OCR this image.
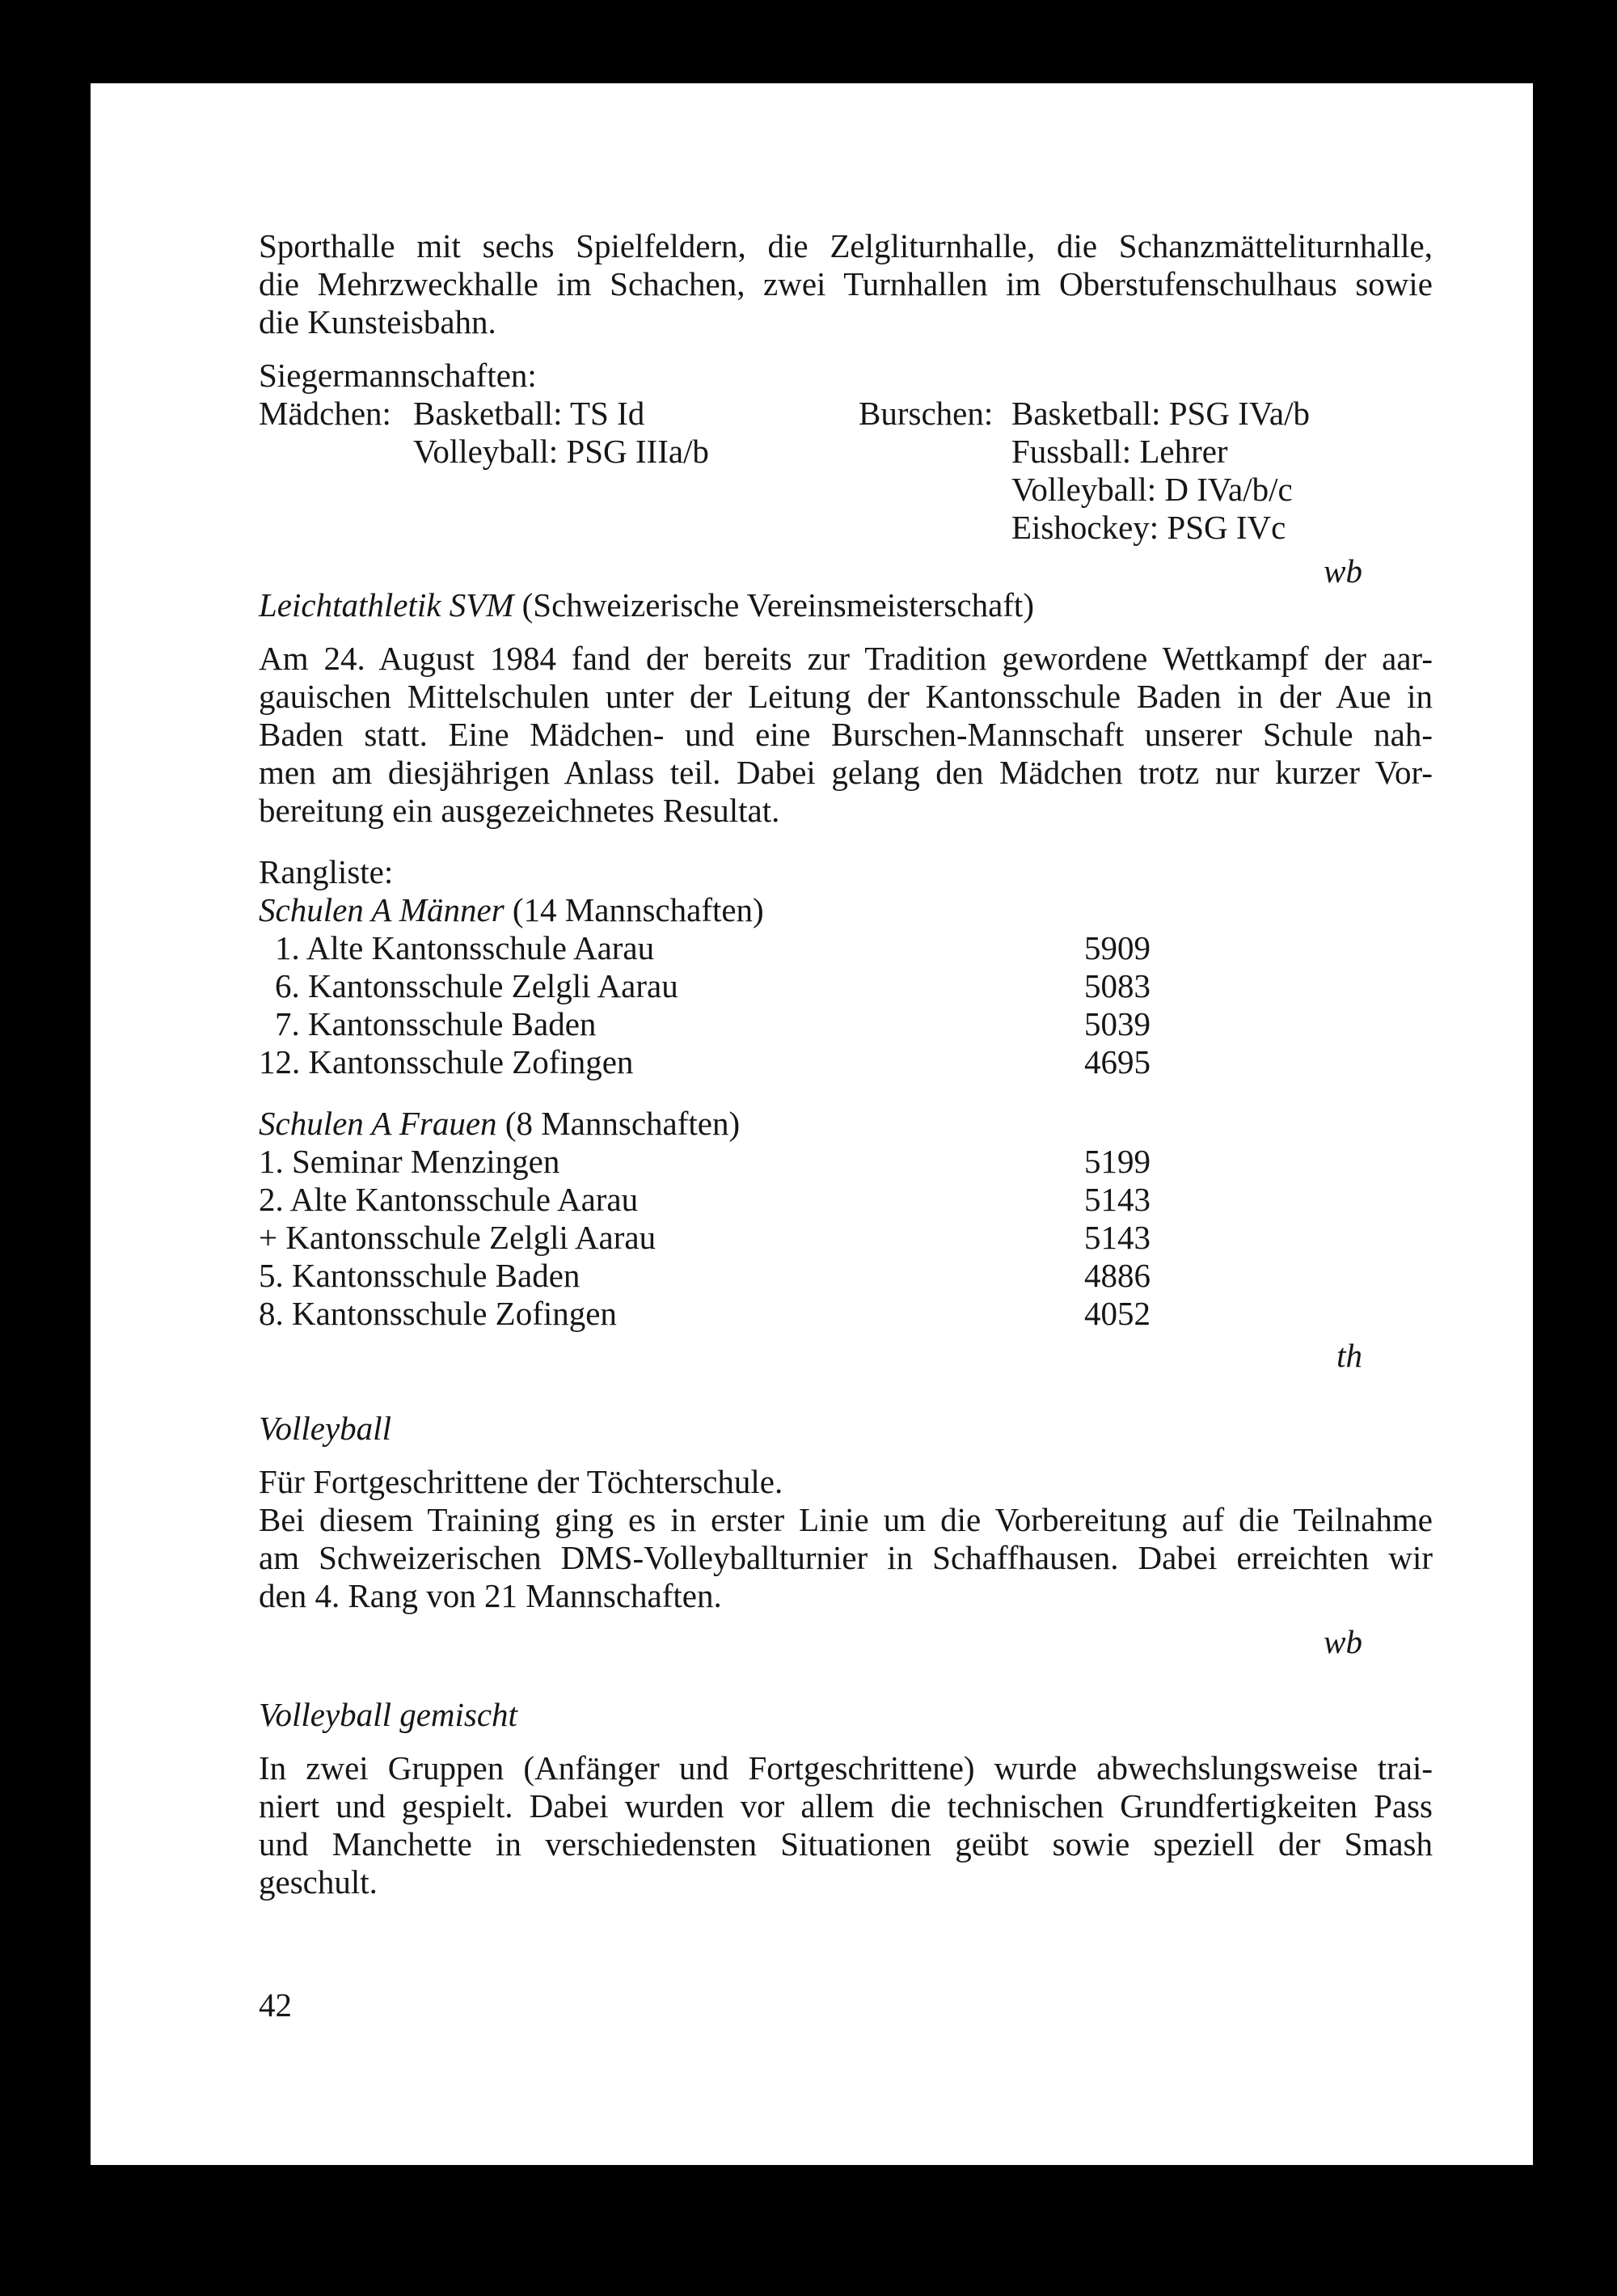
Sporthalle mit sechs Spielfeldern, die Zelgliturnhalle, die Schanzmätteliturnhalle,

die Mehrzweckhalle im Schachen, zwei Turnhallen im Oberstufenschulhaus sowie

die Kunsteisbahn.

Siegermannschaften:

Mädchen: Basketball: TS Id

Volleyball: PSG IIIa/b

Burschen: Basketball: PSG IVa/b

Fussball: Lehrer

Volleyball: D IVa/b/c

Eishockey: PSG IVc

wb

Leichtathletik SVM (Schweizerische Vereinsmeisterschaft)

Am 24. August 1984 fand der bereits zur Tradition gewordene Wettkampf der aar-

gauischen Mittelschulen unter der Leitung der Kantonsschule Baden in der Aue in

Baden statt. Eine Mädchen- und eine Burschen-Mannschaft unserer Schule nah-

men am diesjährigen Anlass teil. Dabei gelang den Mädchen trotz nur kurzer Vor-

bereitung ein ausgezeichnetes Resultat.

Rangliste:

Schulen A Männer (14 Mannschaften)

1. Alte Kantonsschule Aarau	5909

6. Kantonsschule Zelgli Aarau	5083

7. Kantonsschule Baden	5039

12. Kantonsschule Zofingen	4695

Schulen A Frauen (8 Mannschaften)

1. Seminar Menzingen	5199

2. Alte Kantonsschule Aarau	5143

+ Kantonsschule Zelgli Aarau	5143

5. Kantonsschule Baden	4886

8. Kantonsschule Zofingen	4052

th

Volleyball

Für Fortgeschrittene der Töchterschule.

Bei diesem Training ging es in erster Linie um die Vorbereitung auf die Teilnahme

am Schweizerischen DMS-Volleyballturnier in Schaffhausen. Dabei erreichten wir

den 4. Rang von 21 Mannschaften.

wb

Volleyball gemischt

In zwei Gruppen (Anfänger und Fortgeschrittene) wurde abwechslungsweise trai-

niert und gespielt. Dabei wurden vor allem die technischen Grundfertigkeiten Pass

und Manchette in verschiedensten Situationen geübt sowie speziell der Smash

geschult.

42
